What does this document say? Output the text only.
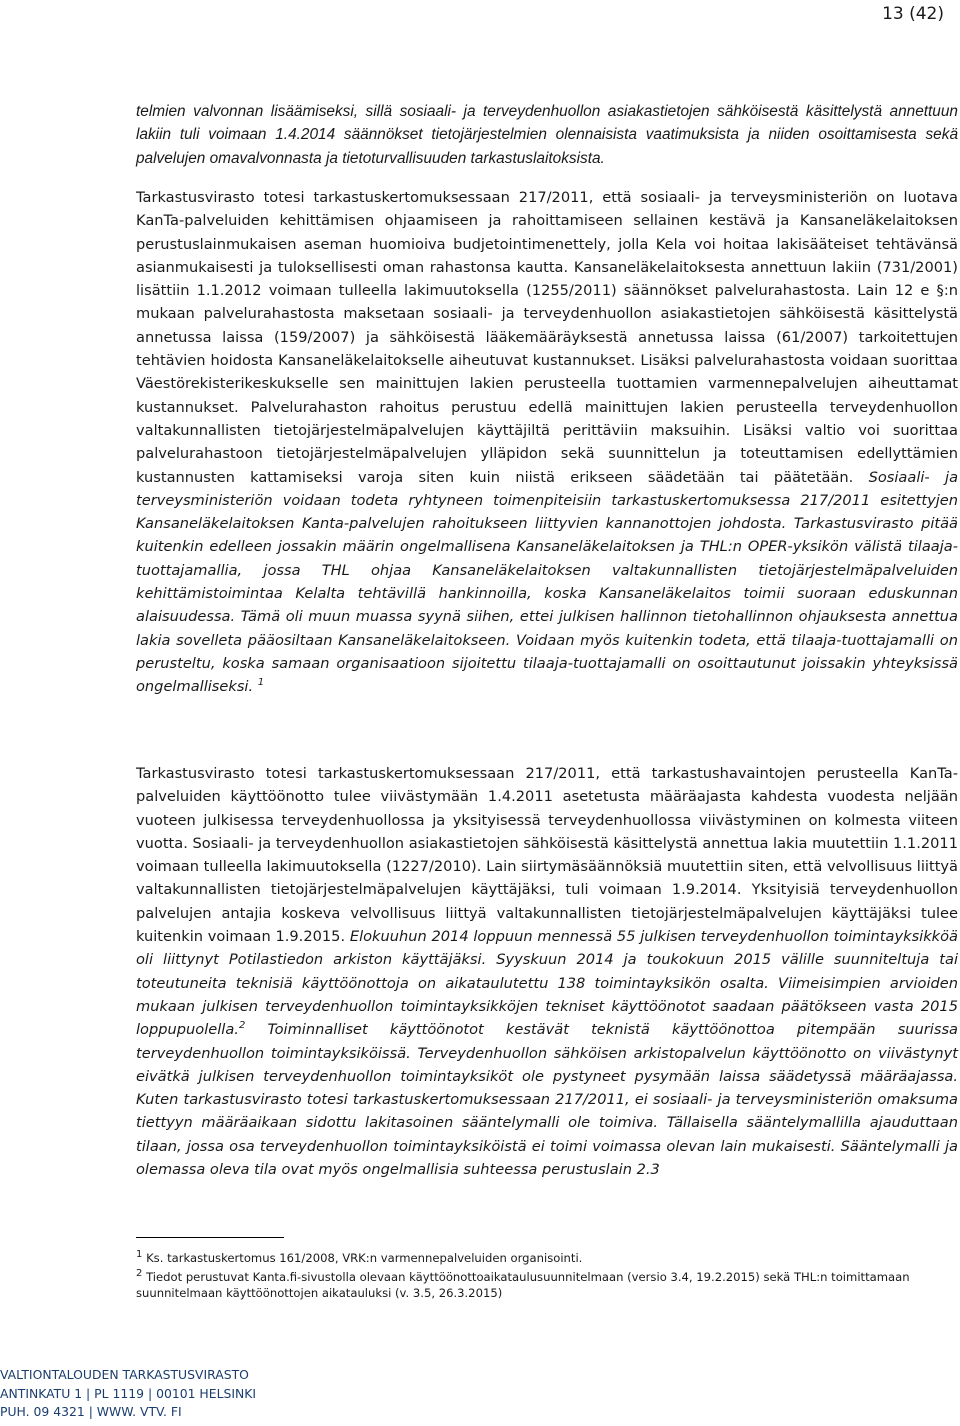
13 (42)

telmien valvonnan lisäämiseksi, sillä sosiaali- ja terveydenhuollon asiakastietojen sähköisestä käsittelystä annettuun lakiin tuli voimaan 1.4.2014 säännökset tietojärjestelmien olennaisista vaatimuksista ja niiden osoittamisesta sekä palvelujen omavalvonnasta ja tietoturvallisuuden tarkastuslaitoksista.

Tarkastusvirasto totesi tarkastuskertomuksessaan 217/2011, että sosiaali- ja terveysministeriön on luotava KanTa-palveluiden kehittämisen ohjaamiseen ja rahoittamiseen sellainen kestävä ja Kansaneläkelaitoksen perustuslainmukaisen aseman huomioiva budjetointimenettely, jolla Kela voi hoitaa lakisääteiset tehtävänsä asianmukaisesti ja tuloksellisesti oman rahastonsa kautta. Kansaneläkelaitoksesta annettuun lakiin (731/2001) lisättiin 1.1.2012 voimaan tulleella lakimuutoksella (1255/2011) säännökset palvelurahastosta. Lain 12 e §:n mukaan palvelurahastosta maksetaan sosiaali- ja terveydenhuollon asiakastietojen sähköisestä käsittelystä annetussa laissa (159/2007) ja sähköisestä lääkemääräyksestä annetussa laissa (61/2007) tarkoitettujen tehtävien hoidosta Kansaneläkelaitokselle aiheutuvat kustannukset. Lisäksi palvelurahastosta voidaan suorittaa Väestörekisterikeskukselle sen mainittujen lakien perusteella tuottamien varmennepalvelujen aiheuttamat kustannukset. Palvelurahaston rahoitus perustuu edellä mainittujen lakien perusteella terveydenhuollon valtakunnallisten tietojärjestelmäpalvelujen käyttäjiltä perittäviin maksuihin. Lisäksi valtio voi suorittaa palvelurahastoon tietojärjestelmäpalvelujen ylläpidon sekä suunnittelun ja toteuttamisen edellyttämien kustannusten kattamiseksi varoja siten kuin niistä erikseen säädetään tai päätetään. Sosiaali- ja terveysministeriön voidaan todeta ryhtyneen toimenpiteisiin tarkastuskertomuksessa 217/2011 esitettyjen Kansaneläkelaitoksen Kanta-palvelujen rahoitukseen liittyvien kannanottojen johdosta. Tarkastusvirasto pitää kuitenkin edelleen jossakin määrin ongelmallisena Kansaneläkelaitoksen ja THL:n OPER-yksikön välistä tilaaja-tuottajamallia, jossa THL ohjaa Kansaneläkelaitoksen valtakunnallisten tietojärjestelmäpalveluiden kehittämistoimintaa Kelalta tehtävillä hankinnoilla, koska Kansaneläkelaitos toimii suoraan eduskunnan alaisuudessa. Tämä oli muun muassa syynä siihen, ettei julkisen hallinnon tietohallinnon ohjauksesta annettua lakia sovelleta pääosiltaan Kansaneläkelaitokseen. Voidaan myös kuitenkin todeta, että tilaaja-tuottajamalli on perusteltu, koska samaan organisaatioon sijoitettu tilaaja-tuottajamalli on osoittautunut joissakin yhteyksissä ongelmalliseksi. $^1$

Tarkastusvirasto totesi tarkastuskertomuksessaan 217/2011, että tarkastushavaintojen perusteella KanTa-palveluiden käyttöönotto tulee viivästymään 1.4.2011 asetetusta määräajasta kahdesta vuodesta neljään vuoteen julkisessa terveydenhuollossa ja yksityisessä terveydenhuollossa viivästyminen on kolmesta viiteen vuotta. Sosiaali- ja terveydenhuollon asiakastietojen sähköisestä käsittelystä annettua lakia muutettiin 1.1.2011 voimaan tulleella lakimuutoksella (1227/2010). Lain siirtymäsäännöksiä muutettiin siten, että velvollisuus liittyä valtakunnallisten tietojärjestelmäpalvelujen käyttäjäksi, tuli voimaan 1.9.2014. Yksityisiä terveydenhuollon palvelujen antajia koskeva velvollisuus liittyä valtakunnallisten tietojärjestelmäpalvelujen käyttäjäksi tulee kuitenkin voimaan 1.9.2015. Elokuuhun 2014 loppuun mennessä 55 julkisen terveydenhuollon toimintayksikköä oli liittynyt Potilastiedon arkiston käyttäjäksi. Syyskuun 2014 ja toukokuun 2015 välille suunniteltuja tai toteutuneita teknisiä käyttöönottoja on aikataulutettu 138 toimintayksikön osalta. Viimeisimpien arvioiden mukaan julkisen terveydenhuollon toimintayksikköjen tekniset käyttöönotot saadaan päätökseen vasta 2015 loppupuolella.$^2$ Toiminnalliset käyttöönotot kestävät teknistä käyttöönottoa pitempään suurissa terveydenhuollon toimintayksiköissä. Terveydenhuollon sähköisen arkistopalvelun käyttöönotto on viivästynyt eivätkä julkisen terveydenhuollon toimintayksiköt ole pystyneet pysymään laissa säädetyssä määräajassa. Kuten tarkastusvirasto totesi tarkastuskertomuksessaan 217/2011, ei sosiaali- ja terveysministeriön omaksuma tiettyyn määräaikaan sidottu lakitasoinen sääntelymalli ole toimiva. Tällaisella sääntelymallilla ajauduttaan tilaan, jossa osa terveydenhuollon toimintayksiköistä ei toimi voimassa olevan lain mukaisesti. Sääntelymalli ja olemassa oleva tila ovat myös ongelmallisia suhteessa perustuslain 2.3

$^1$ Ks. tarkastuskertomus 161/2008, VRK:n varmennepalveluiden organisointi.

$^2$ Tiedot perustuvat Kanta.fi-sivustolla olevaan käyttöönottoaikataulusuunnitelmaan (versio 3.4, 19.2.2015) sekä THL:n toimittamaan suunnitelmaan käyttöönottojen aikatauluksi (v. 3.5, 26.3.2015)

VALTIONTALOUDEN TARKASTUSVIRASTO
ANTINKATU 1 | PL 1119 | 00101 HELSINKI
PUH. 09 4321 | WWW. VTV. FI
